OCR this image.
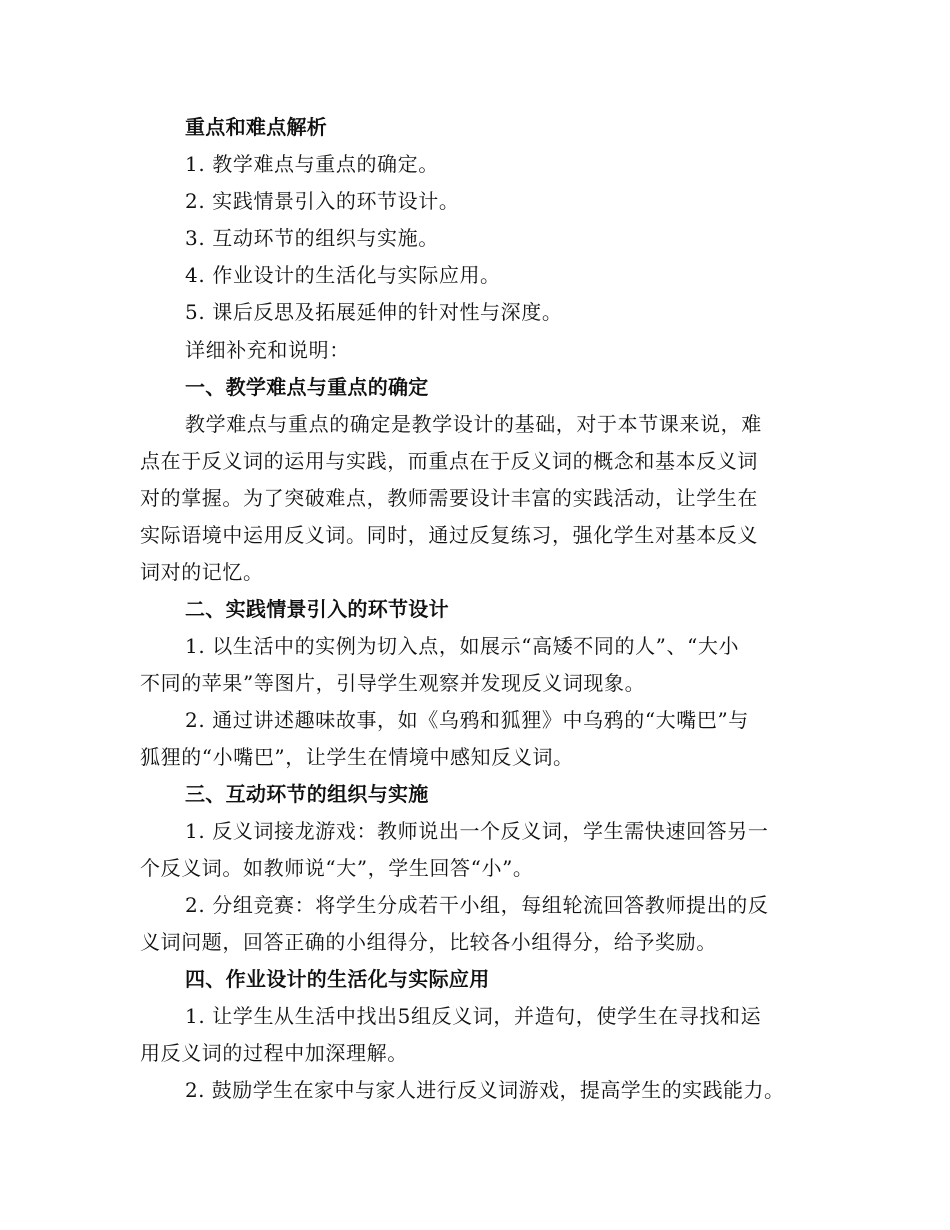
重点和难点解析
1. 教学难点与重点的确定。
2. 实践情景引入的环节设计。
3. 互动环节的组织与实施。
4. 作业设计的生活化与实际应用。
5. 课后反思及拓展延伸的针对性与深度。
详细补充和说明：
一、教学难点与重点的确定
教学难点与重点的确定是教学设计的基础，对于本节课来说，难
点在于反义词的运用与实践，而重点在于反义词的概念和基本反义词
对的掌握。为了突破难点，教师需要设计丰富的实践活动，让学生在
实际语境中运用反义词。同时，通过反复练习，强化学生对基本反义
词对的记忆。
二、实践情景引入的环节设计
1. 以生活中的实例为切入点，如展示“高矮不同的人”、“大小
不同的苹果”等图片，引导学生观察并发现反义词现象。
2. 通过讲述趣味故事，如《乌鸦和狐狸》中乌鸦的“大嘴巴”与
狐狸的“小嘴巴”，让学生在情境中感知反义词。
三、互动环节的组织与实施
1. 反义词接龙游戏：教师说出一个反义词，学生需快速回答另一
个反义词。如教师说“大”，学生回答“小”。
2. 分组竞赛：将学生分成若干小组，每组轮流回答教师提出的反
义词问题，回答正确的小组得分，比较各小组得分，给予奖励。
四、作业设计的生活化与实际应用
1. 让学生从生活中找出5组反义词，并造句，使学生在寻找和运
用反义词的过程中加深理解。
2. 鼓励学生在家中与家人进行反义词游戏，提高学生的实践能力。
